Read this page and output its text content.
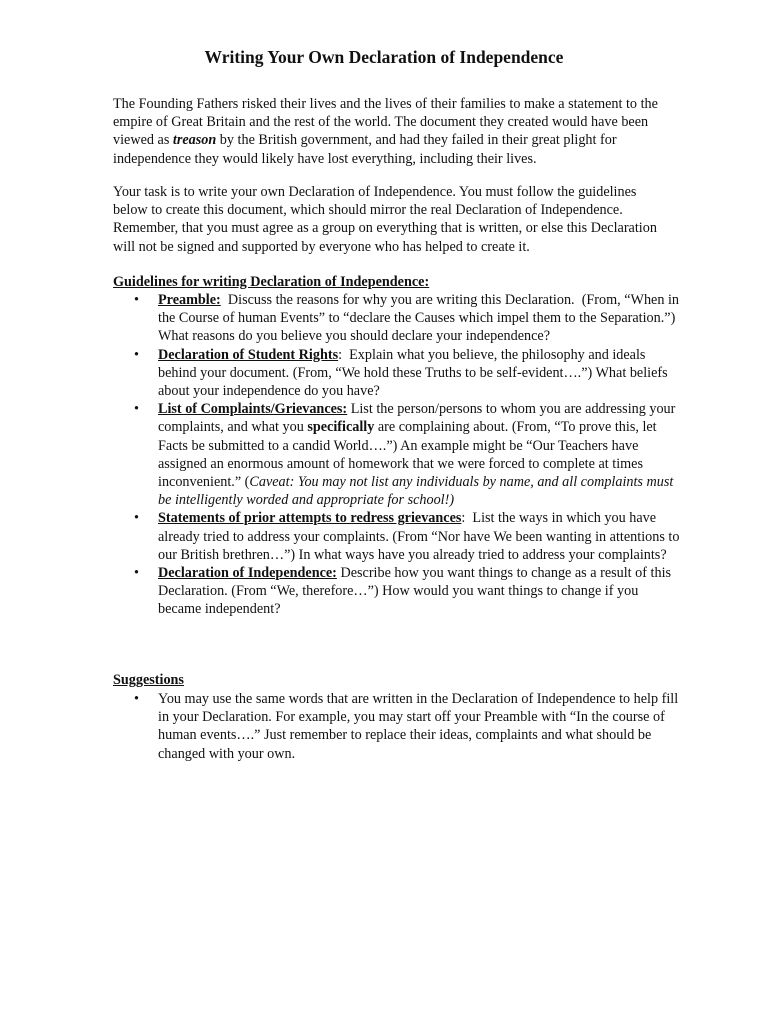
Writing Your Own Declaration of Independence

The Founding Fathers risked their lives and the lives of their families to make a statement to the empire of Great Britain and the rest of the world. The document they created would have been viewed as treason by the British government, and had they failed in their great plight for independence they would likely have lost everything, including their lives.

Your task is to write your own Declaration of Independence. You must follow the guidelines below to create this document, which should mirror the real Declaration of Independence. Remember, that you must agree as a group on everything that is written, or else this Declaration will not be signed and supported by everyone who has helped to create it.

Guidelines for writing Declaration of Independence:
• Preamble:  Discuss the reasons for why you are writing this Declaration.  (From, “When in the Course of human Events” to “declare the Causes which impel them to the Separation.”) What reasons do you believe you should declare your independence?
• Declaration of Student Rights:  Explain what you believe, the philosophy and ideals behind your document. (From, “We hold these Truths to be self-evident….”) What beliefs about your independence do you have?
• List of Complaints/Grievances: List the person/persons to whom you are addressing your complaints, and what you specifically are complaining about. (From, “To prove this, let Facts be submitted to a candid World….”) An example might be “Our Teachers have assigned an enormous amount of homework that we were forced to complete at times inconvenient.” (Caveat: You may not list any individuals by name, and all complaints must be intelligently worded and appropriate for school!)
• Statements of prior attempts to redress grievances:  List the ways in which you have already tried to address your complaints. (From “Nor have We been wanting in attentions to our British brethren…”) In what ways have you already tried to address your complaints?
• Declaration of Independence: Describe how you want things to change as a result of this Declaration. (From “We, therefore…”) How would you want things to change if you became independent?
Suggestions
• You may use the same words that are written in the Declaration of Independence to help fill in your Declaration. For example, you may start off your Preamble with “In the course of human events….” Just remember to replace their ideas, complaints and what should be changed with your own.
